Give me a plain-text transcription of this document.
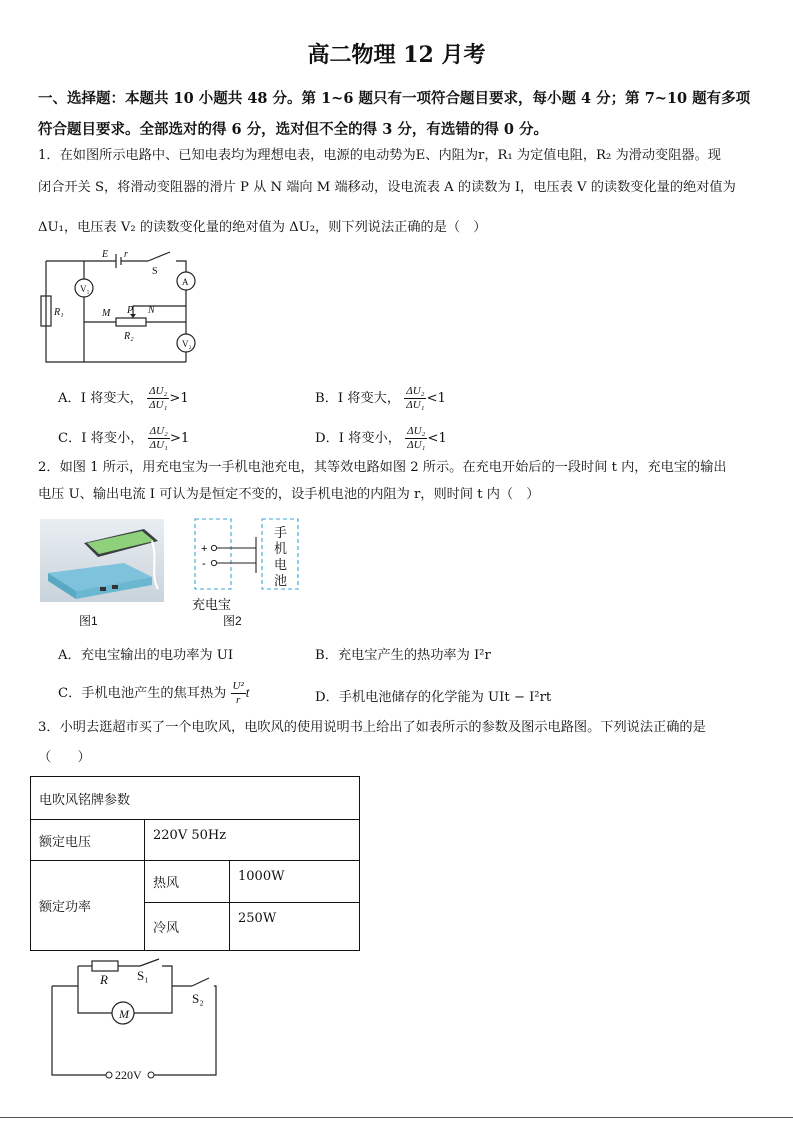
高二物理 12 月考
一、选择题：本题共 10 小题共 48 分。第 1~6 题只有一项符合题目要求，每小题 4 分；第 7~10 题有多项符合题目要求。全部选对的得 6 分，选对但不全的得 3 分，有选错的得 0 分。
1．在如图所示电路中、已知电表均为理想电表，电源的电动势为E、内阻为r，R₁ 为定值电阻，R₂ 为滑动变阻器。现
闭合开关 S，将滑动变阻器的滑片 P 从 N 端向 M 端移动，设电流表 A 的读数为 I，电压表 V 的读数变化量的绝对值为
ΔU₁，电压表 V₂ 的读数变化量的绝对值为 ΔU₂，则下列说法正确的是（　）
E r
S
V₁
A
V₂
R₁	M P N
R₂
A．I 将变大， $\frac{\text{ΔU₂}}{\text{ΔU₁}} >1$	B．I 将变大， $\frac{\text{ΔU₂}}{\text{ΔU₁}} <1$
C．I 将变小， $\frac{\text{ΔU₂}}{\text{ΔU₁}} >1$	D．I 将变小， $\frac{\text{ΔU₂}}{\text{ΔU₁}} <1$
2．如图 1 所示，用充电宝为一手机电池充电，其等效电路如图 2 所示。在充电开始后的一段时间 t 内，充电宝的输出
电压 U、输出电流 I 可认为是恒定不变的，设手机电池的内阻为 r，则时间 t 内（　）
图1
+
-
手
机
电
池
充电宝
图2
A．充电宝输出的电功率为 UI	B．充电宝产生的热功率为 I²r
C．手机电池产生的焦耳热为 $\frac{\text{U²}}{r}$ t	D．手机电池储存的化学能为 UIt − I²rt
3．小明去逛超市买了一个电吹风，电吹风的使用说明书上给出了如表所示的参数及图示电路图。下列说法正确的是
（　　）
电吹风铭牌参数		
额定电压	220V 50Hz	
额定功率	热风	1000W
	冷风	250W
R S₁
M
S₂
220V
